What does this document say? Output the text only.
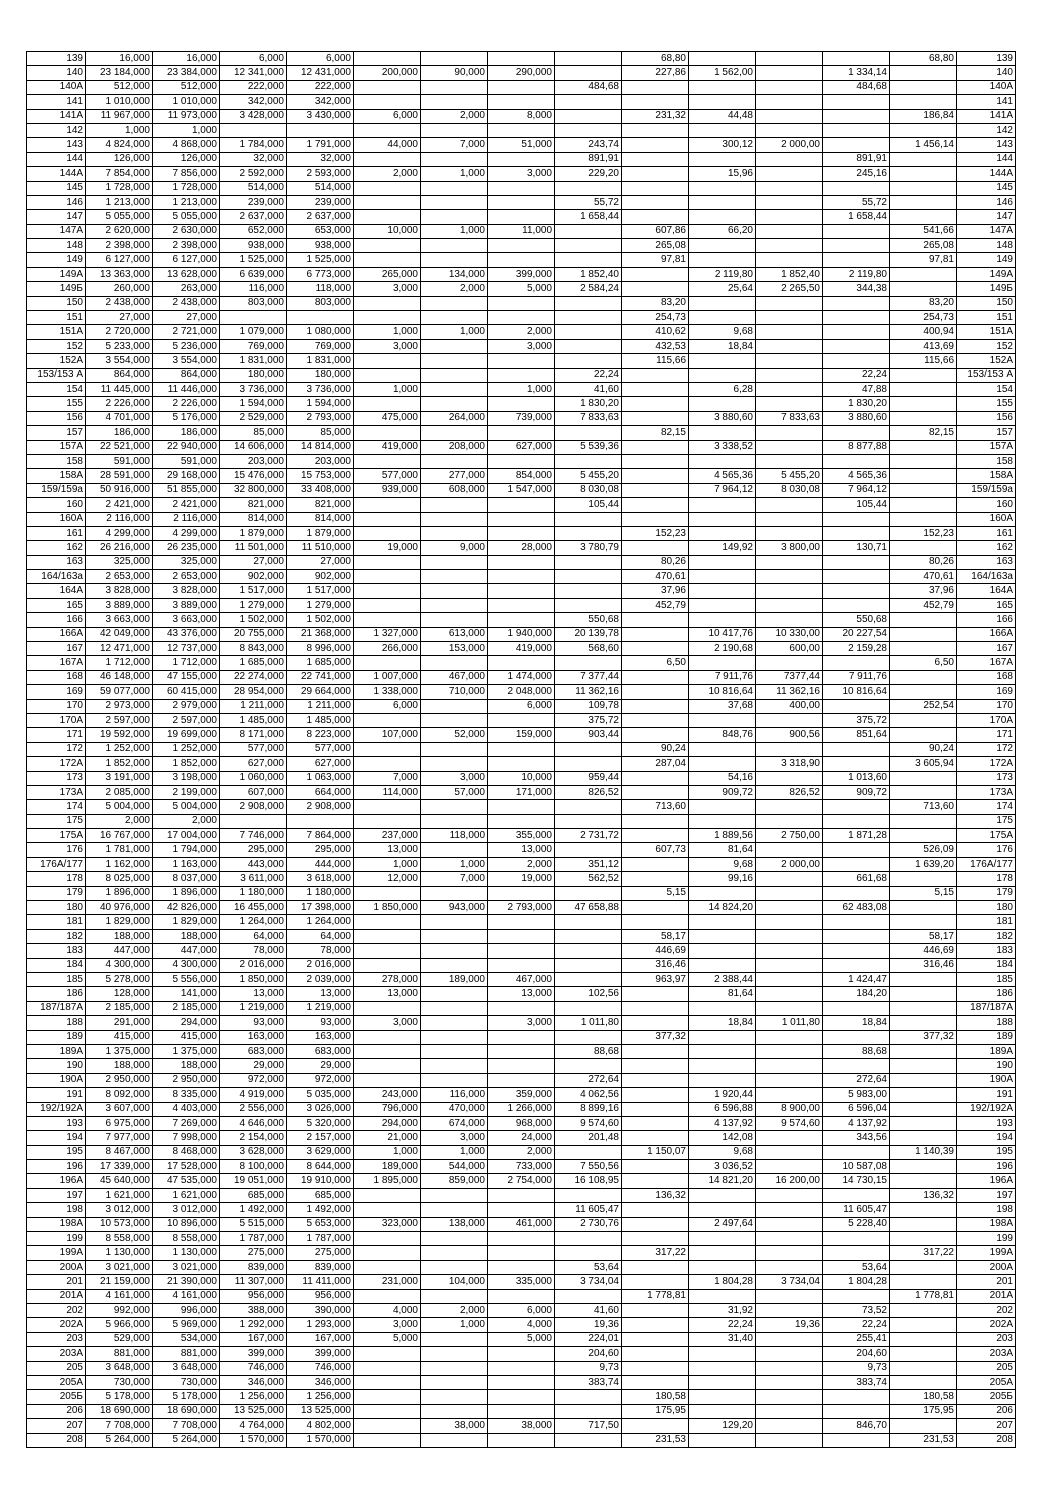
139	16,000	16,000	6,000	6,000					68,80				68,80	139
140	23 184,000	23 384,000	12 341,000	12 431,000	200,000	90,000	290,000		227,86	1 562,00		1 334,14		140
140А	512,000	512,000	222,000	222,000				484,68				484,68		140А
141	1 010,000	1 010,000	342,000	342,000										141
141А	11 967,000	11 973,000	3 428,000	3 430,000	6,000	2,000	8,000		231,32	44,48			186,84	141А
142	1,000	1,000												142
143	4 824,000	4 868,000	1 784,000	1 791,000	44,000	7,000	51,000	243,74		300,12	2 000,00		1 456,14	143
144	126,000	126,000	32,000	32,000				891,91				891,91		144
144А	7 854,000	7 856,000	2 592,000	2 593,000	2,000	1,000	3,000	229,20		15,96		245,16		144А
145	1 728,000	1 728,000	514,000	514,000										145
146	1 213,000	1 213,000	239,000	239,000				55,72				55,72		146
147	5 055,000	5 055,000	2 637,000	2 637,000				1 658,44				1 658,44		147
147А	2 620,000	2 630,000	652,000	653,000	10,000	1,000	11,000		607,86	66,20			541,66	147А
148	2 398,000	2 398,000	938,000	938,000					265,08				265,08	148
149	6 127,000	6 127,000	1 525,000	1 525,000					97,81				97,81	149
149А	13 363,000	13 628,000	6 639,000	6 773,000	265,000	134,000	399,000	1 852,40		2 119,80	1 852,40	2 119,80		149А
149Б	260,000	263,000	116,000	118,000	3,000	2,000	5,000	2 584,24		25,64	2 265,50	344,38		149Б
150	2 438,000	2 438,000	803,000	803,000					83,20				83,20	150
151	27,000	27,000							254,73				254,73	151
151А	2 720,000	2 721,000	1 079,000	1 080,000	1,000	1,000	2,000		410,62	9,68			400,94	151А
152	5 233,000	5 236,000	769,000	769,000	3,000		3,000		432,53	18,84			413,69	152
152А	3 554,000	3 554,000	1 831,000	1 831,000					115,66				115,66	152А
153/153 А	864,000	864,000	180,000	180,000				22,24				22,24		153/153 А
154	11 445,000	11 446,000	3 736,000	3 736,000	1,000		1,000	41,60		6,28		47,88		154
155	2 226,000	2 226,000	1 594,000	1 594,000				1 830,20				1 830,20		155
156	4 701,000	5 176,000	2 529,000	2 793,000	475,000	264,000	739,000	7 833,63		3 880,60	7 833,63	3 880,60		156
157	186,000	186,000	85,000	85,000					82,15				82,15	157
157А	22 521,000	22 940,000	14 606,000	14 814,000	419,000	208,000	627,000	5 539,36		3 338,52		8 877,88		157А
158	591,000	591,000	203,000	203,000										158
158А	28 591,000	29 168,000	15 476,000	15 753,000	577,000	277,000	854,000	5 455,20		4 565,36	5 455,20	4 565,36		158А
159/159а	50 916,000	51 855,000	32 800,000	33 408,000	939,000	608,000	1 547,000	8 030,08		7 964,12	8 030,08	7 964,12		159/159а
160	2 421,000	2 421,000	821,000	821,000				105,44				105,44		160
160А	2 116,000	2 116,000	814,000	814,000										160А
161	4 299,000	4 299,000	1 879,000	1 879,000					152,23				152,23	161
162	26 216,000	26 235,000	11 501,000	11 510,000	19,000	9,000	28,000	3 780,79		149,92	3 800,00	130,71		162
163	325,000	325,000	27,000	27,000					80,26				80,26	163
164/163а	2 653,000	2 653,000	902,000	902,000					470,61				470,61	164/163а
164А	3 828,000	3 828,000	1 517,000	1 517,000					37,96				37,96	164А
165	3 889,000	3 889,000	1 279,000	1 279,000					452,79				452,79	165
166	3 663,000	3 663,000	1 502,000	1 502,000				550,68				550,68		166
166А	42 049,000	43 376,000	20 755,000	21 368,000	1 327,000	613,000	1 940,000	20 139,78		10 417,76	10 330,00	20 227,54		166А
167	12 471,000	12 737,000	8 843,000	8 996,000	266,000	153,000	419,000	568,60		2 190,68	600,00	2 159,28		167
167А	1 712,000	1 712,000	1 685,000	1 685,000					6,50				6,50	167А
168	46 148,000	47 155,000	22 274,000	22 741,000	1 007,000	467,000	1 474,000	7 377,44		7 911,76	7377,44	7 911,76		168
169	59 077,000	60 415,000	28 954,000	29 664,000	1 338,000	710,000	2 048,000	11 362,16		10 816,64	11 362,16	10 816,64		169
170	2 973,000	2 979,000	1 211,000	1 211,000	6,000		6,000	109,78		37,68	400,00		252,54	170
170А	2 597,000	2 597,000	1 485,000	1 485,000				375,72				375,72		170А
171	19 592,000	19 699,000	8 171,000	8 223,000	107,000	52,000	159,000	903,44		848,76	900,56	851,64		171
172	1 252,000	1 252,000	577,000	577,000					90,24				90,24	172
172А	1 852,000	1 852,000	627,000	627,000					287,04		3 318,90		3 605,94	172А
173	3 191,000	3 198,000	1 060,000	1 063,000	7,000	3,000	10,000	959,44		54,16		1 013,60		173
173А	2 085,000	2 199,000	607,000	664,000	114,000	57,000	171,000	826,52		909,72	826,52	909,72		173А
174	5 004,000	5 004,000	2 908,000	2 908,000					713,60				713,60	174
175	2,000	2,000												175
175А	16 767,000	17 004,000	7 746,000	7 864,000	237,000	118,000	355,000	2 731,72		1 889,56	2 750,00	1 871,28		175А
176	1 781,000	1 794,000	295,000	295,000	13,000		13,000		607,73	81,64			526,09	176
176А/177	1 162,000	1 163,000	443,000	444,000	1,000	1,000	2,000	351,12		9,68	2 000,00		1 639,20	176А/177
178	8 025,000	8 037,000	3 611,000	3 618,000	12,000	7,000	19,000	562,52		99,16		661,68		178
179	1 896,000	1 896,000	1 180,000	1 180,000					5,15				5,15	179
180	40 976,000	42 826,000	16 455,000	17 398,000	1 850,000	943,000	2 793,000	47 658,88		14 824,20		62 483,08		180
181	1 829,000	1 829,000	1 264,000	1 264,000										181
182	188,000	188,000	64,000	64,000					58,17				58,17	182
183	447,000	447,000	78,000	78,000					446,69				446,69	183
184	4 300,000	4 300,000	2 016,000	2 016,000					316,46				316,46	184
185	5 278,000	5 556,000	1 850,000	2 039,000	278,000	189,000	467,000		963,97	2 388,44		1 424,47		185
186	128,000	141,000	13,000	13,000	13,000		13,000	102,56		81,64		184,20		186
187/187А	2 185,000	2 185,000	1 219,000	1 219,000										187/187А
188	291,000	294,000	93,000	93,000	3,000		3,000	1 011,80		18,84	1 011,80	18,84		188
189	415,000	415,000	163,000	163,000					377,32				377,32	189
189А	1 375,000	1 375,000	683,000	683,000				88,68				88,68		189А
190	188,000	188,000	29,000	29,000										190
190А	2 950,000	2 950,000	972,000	972,000				272,64				272,64		190А
191	8 092,000	8 335,000	4 919,000	5 035,000	243,000	116,000	359,000	4 062,56		1 920,44		5 983,00		191
192/192А	3 607,000	4 403,000	2 556,000	3 026,000	796,000	470,000	1 266,000	8 899,16		6 596,88	8 900,00	6 596,04		192/192А
193	6 975,000	7 269,000	4 646,000	5 320,000	294,000	674,000	968,000	9 574,60		4 137,92	9 574,60	4 137,92		193
194	7 977,000	7 998,000	2 154,000	2 157,000	21,000	3,000	24,000	201,48		142,08		343,56		194
195	8 467,000	8 468,000	3 628,000	3 629,000	1,000	1,000	2,000		1 150,07	9,68			1 140,39	195
196	17 339,000	17 528,000	8 100,000	8 644,000	189,000	544,000	733,000	7 550,56		3 036,52		10 587,08		196
196А	45 640,000	47 535,000	19 051,000	19 910,000	1 895,000	859,000	2 754,000	16 108,95		14 821,20	16 200,00	14 730,15		196А
197	1 621,000	1 621,000	685,000	685,000					136,32				136,32	197
198	3 012,000	3 012,000	1 492,000	1 492,000				11 605,47				11 605,47		198
198А	10 573,000	10 896,000	5 515,000	5 653,000	323,000	138,000	461,000	2 730,76		2 497,64		5 228,40		198А
199	8 558,000	8 558,000	1 787,000	1 787,000										199
199А	1 130,000	1 130,000	275,000	275,000					317,22				317,22	199А
200А	3 021,000	3 021,000	839,000	839,000				53,64				53,64		200А
201	21 159,000	21 390,000	11 307,000	11 411,000	231,000	104,000	335,000	3 734,04		1 804,28	3 734,04	1 804,28		201
201А	4 161,000	4 161,000	956,000	956,000					1 778,81				1 778,81	201А
202	992,000	996,000	388,000	390,000	4,000	2,000	6,000	41,60		31,92		73,52		202
202А	5 966,000	5 969,000	1 292,000	1 293,000	3,000	1,000	4,000	19,36		22,24	19,36	22,24		202А
203	529,000	534,000	167,000	167,000	5,000		5,000	224,01		31,40		255,41		203
203А	881,000	881,000	399,000	399,000				204,60				204,60		203А
205	3 648,000	3 648,000	746,000	746,000				9,73				9,73		205
205А	730,000	730,000	346,000	346,000				383,74				383,74		205А
205Б	5 178,000	5 178,000	1 256,000	1 256,000					180,58				180,58	205Б
206	18 690,000	18 690,000	13 525,000	13 525,000					175,95				175,95	206
207	7 708,000	7 708,000	4 764,000	4 802,000		38,000	38,000	717,50		129,20		846,70		207
208	5 264,000	5 264,000	1 570,000	1 570,000					231,53				231,53	208
